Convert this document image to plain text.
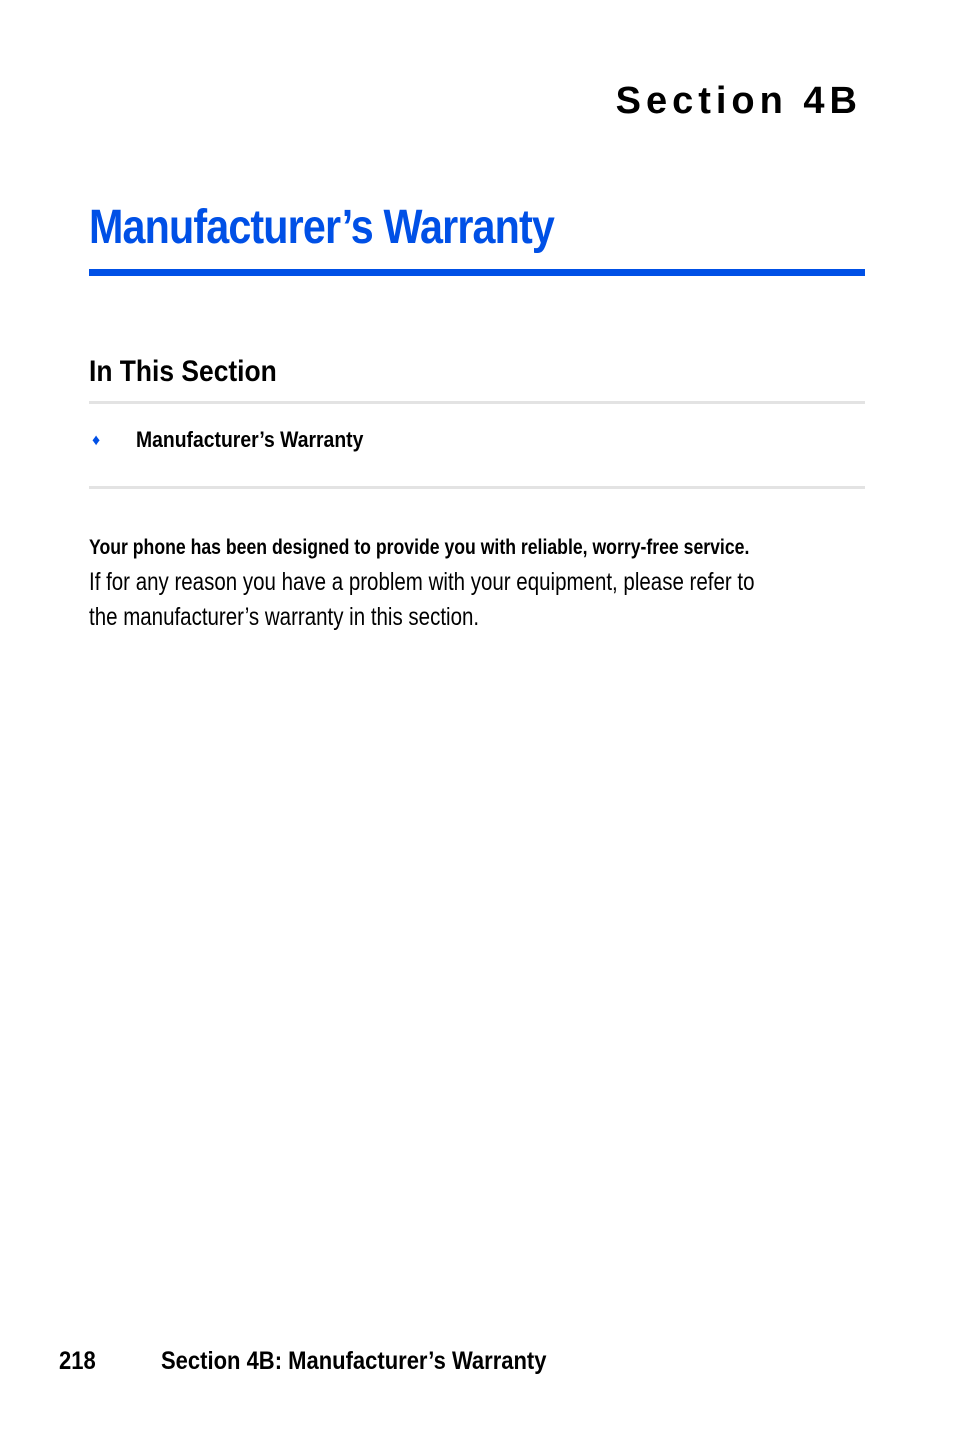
Section 4B
Manufacturer’s Warranty
In This Section
♦ Manufacturer’s Warranty
Your phone has been designed to provide you with reliable, worry-free service.
If for any reason you have a problem with your equipment, please refer to
the manufacturer’s warranty in this section.
218	Section 4B: Manufacturer’s Warranty
